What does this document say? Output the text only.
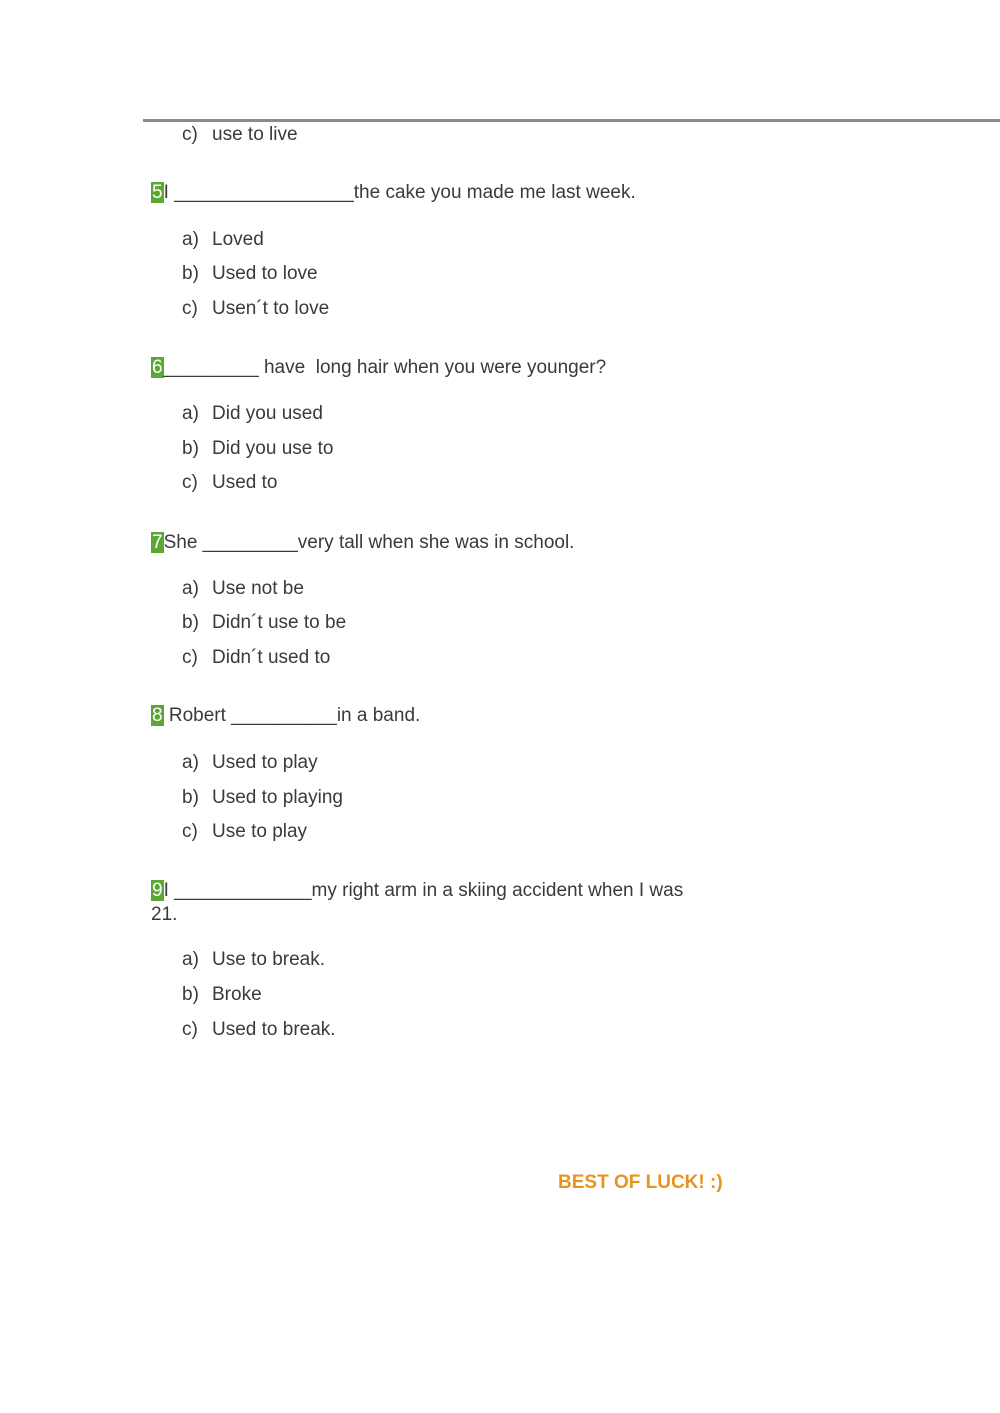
c) use to live
5I _________________the cake you made me last week.
a) Loved
b) Used to love
c) Usen´t to love
6_________ have  long hair when you were younger?
a) Did you used
b) Did you use to
c) Used to
7She _________very tall when she was in school.
a) Use not be
b) Didn´t use to be
c) Didn´t used to
8 Robert __________in a band.
a) Used to play
b) Used to playing
c) Use to play
9I _____________my right arm in a skiing accident when I was
21.
a) Use to break.
b) Broke
c) Used to break.
BEST OF LUCK! :)
